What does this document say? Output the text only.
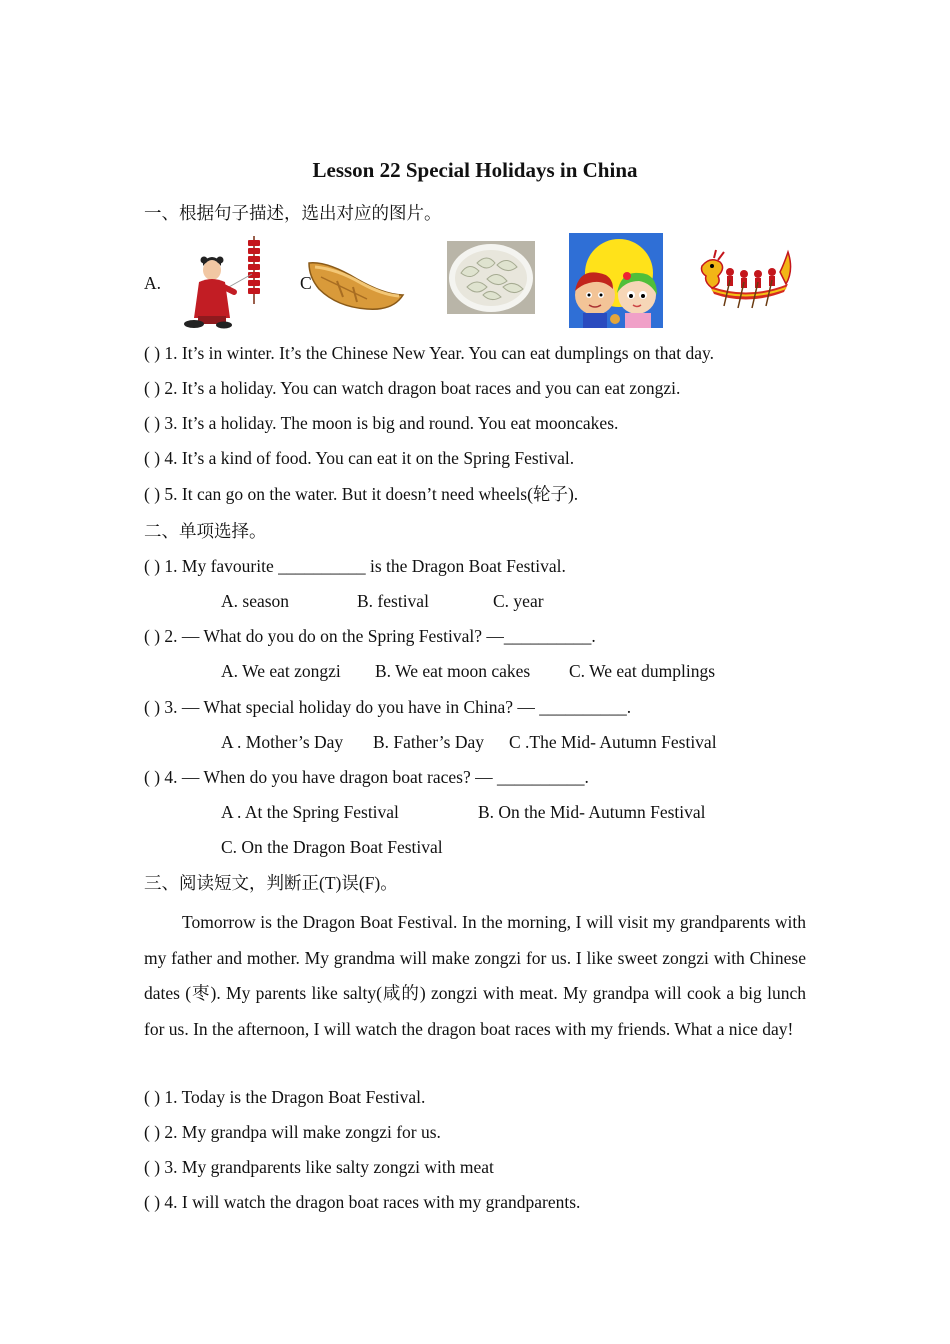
Lesson 22 Special Holidays in China
一、根据句子描述，选出对应的图片。
A.	C
( ) 1. It’s in winter. It’s the Chinese New Year. You can eat dumplings on that day.
( ) 2. It’s a holiday. You can watch dragon boat races and you can eat zongzi.
( ) 3. It’s a holiday. The moon is big and round. You eat mooncakes.
( ) 4. It’s a kind of food. You can eat it on the Spring Festival.
( ) 5. It can go on the water. But it doesn’t need wheels(轮子).
二、单项选择。
( ) 1. My favourite __________ is the Dragon Boat Festival.
A. season	B. festival	C. year
( ) 2. — What do you do on the Spring Festival? —__________.
A. We eat zongzi B. We eat moon cakes C. We eat dumplings
( ) 3. — What special holiday do you have in China? — __________.
A . Mother’s Day B. Father’s Day C .The Mid- Autumn Festival
( ) 4. — When do you have dragon boat races? — __________.
A . At the Spring Festival	B. On the Mid- Autumn Festival
C. On the Dragon Boat Festival
三、阅读短文，判断正(T)误(F)。
Tomorrow is the Dragon Boat Festival. In the morning, I will visit my grandparents with my father and mother. My grandma will make zongzi for us. I like sweet zongzi with Chinese dates (枣). My parents like salty(咸的) zongzi with meat. My grandpa will cook a big lunch for us. In the afternoon, I will watch the dragon boat races with my friends. What a nice day!
( ) 1. Today is the Dragon Boat Festival.
( ) 2. My grandpa will make zongzi for us.
( ) 3. My grandparents like salty zongzi with meat
( ) 4. I will watch the dragon boat races with my grandparents.
